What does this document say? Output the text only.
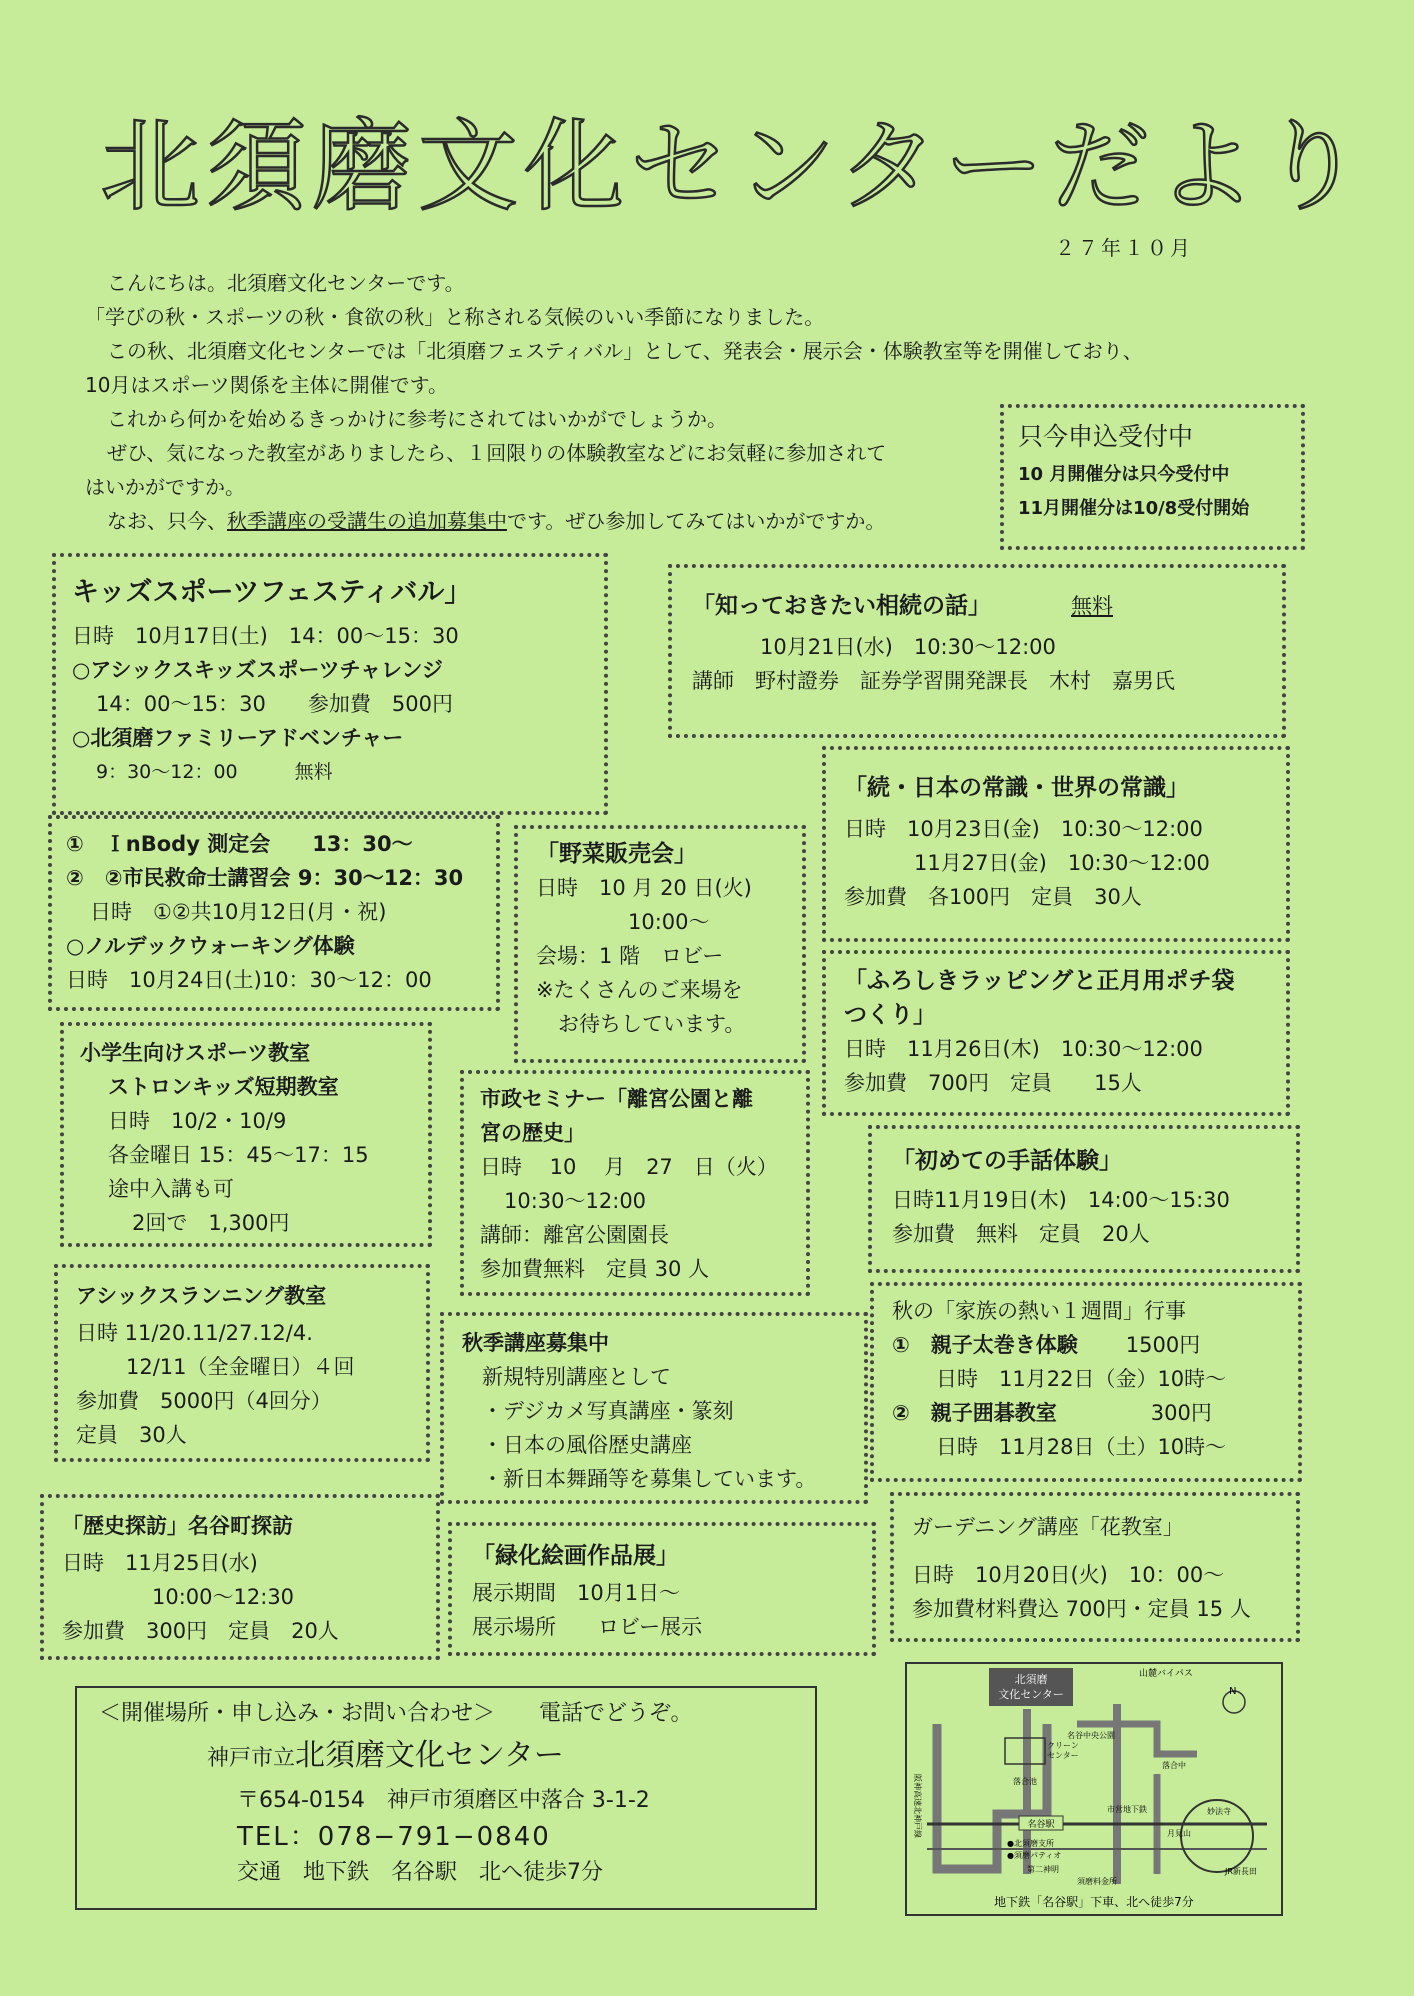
北須磨文化センターだより
２７年１０月

こんにちは。北須磨文化センターです。

「学びの秋・スポーツの秋・食欲の秋」と称される気候のいい季節になりました。

この秋、北須磨文化センターでは「北須磨フェスティバル」として、発表会・展示会・体験教室等を開催しており、

10月はスポーツ関係を主体に開催です。

これから何かを始めるきっかけに参考にされてはいかがでしょうか。

ぜひ、気になった教室がありましたら、１回限りの体験教室などにお気軽に参加されて

はいかがですか。

なお、只今、秋季講座の受講生の追加募集中です。ぜひ参加してみてはいかがですか。

只今申込受付中

10 月開催分は只今受付中

11月開催分は10/8受付開始

キッズスポーツフェスティバル」

日時　10月17日(土)　14：00〜15：30

○アシックスキッズスポーツチャレンジ

14：00〜15：30　　参加費　500円

○北須磨ファミリーアドベンチャー

9：30〜12：00　　　無料

「知っておきたい相続の話」	無料

10月21日(水)　10:30〜12:00

講師　野村證券　証券学習開発課長　木村　嘉男氏

①　ＩnBody 測定会　　13：30〜

②　②市民救命士講習会 9：30〜12：30

日時　①②共10月12日(月・祝)

○ノルデックウォーキング体験

日時　10月24日(土)10：30〜12：00

「野菜販売会」

日時　10 月 20 日(火)

10:00〜

会場：1 階　ロビー

※たくさんのご来場を

お待ちしています。

「続・日本の常識・世界の常識」

日時　10月23日(金)　10:30〜12:00

11月27日(金)　10:30〜12:00

参加費　各100円　定員　30人

「ふろしきラッピングと正月用ポチ袋

つくり」

日時　11月26日(木)　10:30〜12:00

参加費　700円　定員　　15人

小学生向けスポーツ教室

ストロンキッズ短期教室

日時　10/2・10/9

各金曜日 15：45〜17：15

途中入講も可

2回で　1,300円

市政セミナー「離宮公園と離

宮の歴史」

日時　 10 　月　27　日（火）

10:30〜12:00

講師：離宮公園園長

参加費無料　定員 30 人

「初めての手話体験」

日時11月19日(木)　14:00〜15:30

参加費　無料　定員　20人

アシックスランニング教室

日時 11/20.11/27.12/4.

12/11（全金曜日）４回

参加費　5000円（4回分）

定員　30人

秋季講座募集中

新規特別講座として

・デジカメ写真講座・篆刻

・日本の風俗歴史講座

・新日本舞踊等を募集しています。

秋の「家族の熱い１週間」行事

①　親子太巻き体験 1500円

日時　11月22日（金）10時〜

②　親子囲碁教室	300円

日時　11月28日（土）10時〜

「歴史探訪」名谷町探訪

日時　11月25日(水)

10:00〜12:30

参加費　300円　定員　20人

「緑化絵画作品展」

展示期間　10月1日〜

展示場所　　ロビー展示

ガーデニング講座「花教室」

日時　10月20日(火)　10：00〜

参加費材料費込 700円・定員 15 人

＜開催場所・申し込み・お問い合わせ＞　　電話でどうぞ。

神戸市立北須磨文化センター

〒654-0154　神戸市須磨区中落合 3-1-2

TEL：078−791−0840

交通　地下鉄　名谷駅　北へ徒歩7分

北須磨
文化センター
山麓バイパス
N
クリーン
センター
名谷中央公園
落合池
落合中
名谷駅
●北須磨支所
●須磨パティオ
第二神明
市営地下鉄
月見山
妙法寺
JR新長田
須磨料金所
阪神高速北神戸線
地下鉄「名谷駅」下車、北へ徒歩7分
